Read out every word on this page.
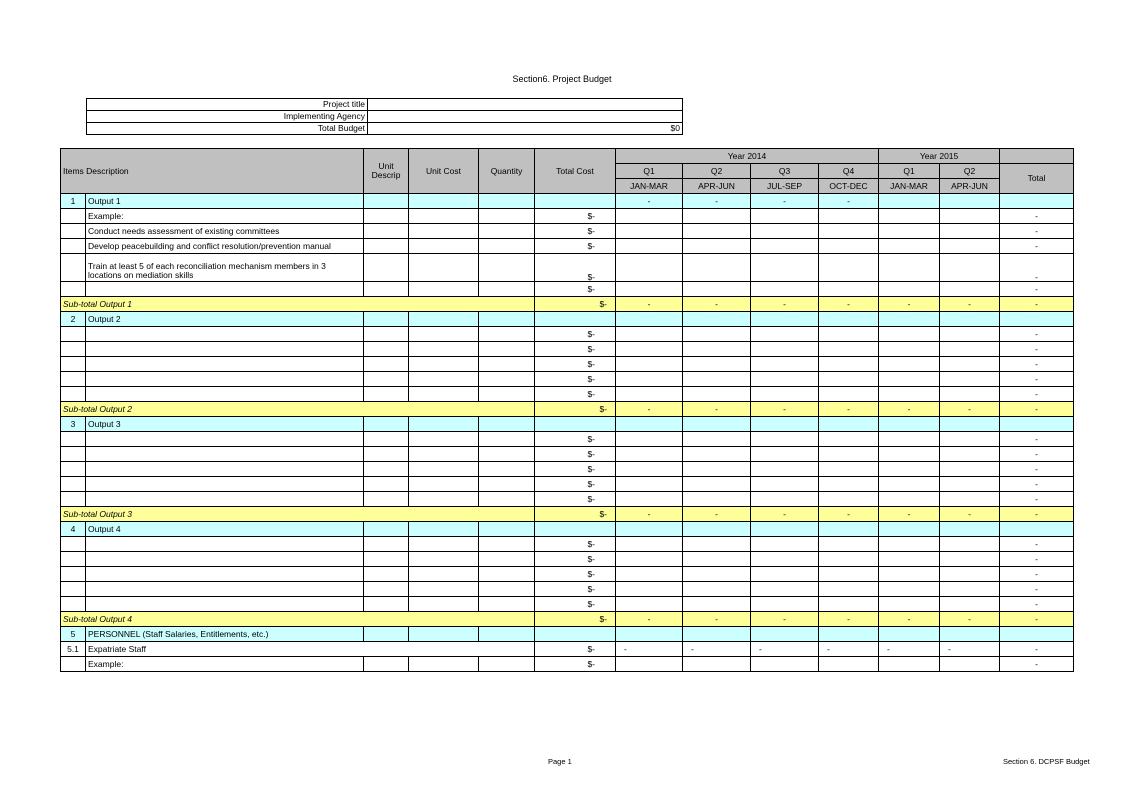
Section6. Project Budget
Project title	
Implementing Agency	
Total Budget	$0
Items Description		Unit Descrip	Unit Cost	Quantity	Total Cost	Year 2014				Year 2015		
						Q1	Q2	Q3	Q4	Q1	Q2	Total
						JAN-MAR	APR-JUN	JUL-SEP	OCT-DEC	JAN-MAR	APR-JUN	
1	Output 1					-	-	-	-			
	Example:				$-							-
	Conduct needs assessment of existing committees				$-							-
	Develop peacebuilding and conflict resolution/prevention manual				$-							-
	Train at least 5 of each reconciliation mechanism members in 3 locations on mediation skills				$-							-
					$-							-
Sub-total Output 1					$-	-	-	-	-	-	-	-
2	Output 2											
					$-							-
					$-							-
					$-							-
					$-							-
					$-							-
Sub-total Output 2					$-	-	-	-	-	-	-	-
3	Output 3											
					$-							-
					$-							-
					$-							-
					$-							-
					$-							-
Sub-total Output 3					$-	-	-	-	-	-	-	-
4	Output 4											
					$-							-
					$-							-
					$-							-
					$-							-
					$-							-
Sub-total Output 4					$-	-	-	-	-	-	-	-
5	PERSONNEL (Staff Salaries, Entitlements, etc.)											
5.1	Expatriate Staff				$-	-	-	-	-	-	-	-
	Example:				$-							-
Page 1	Section 6. DCPSF Budget
